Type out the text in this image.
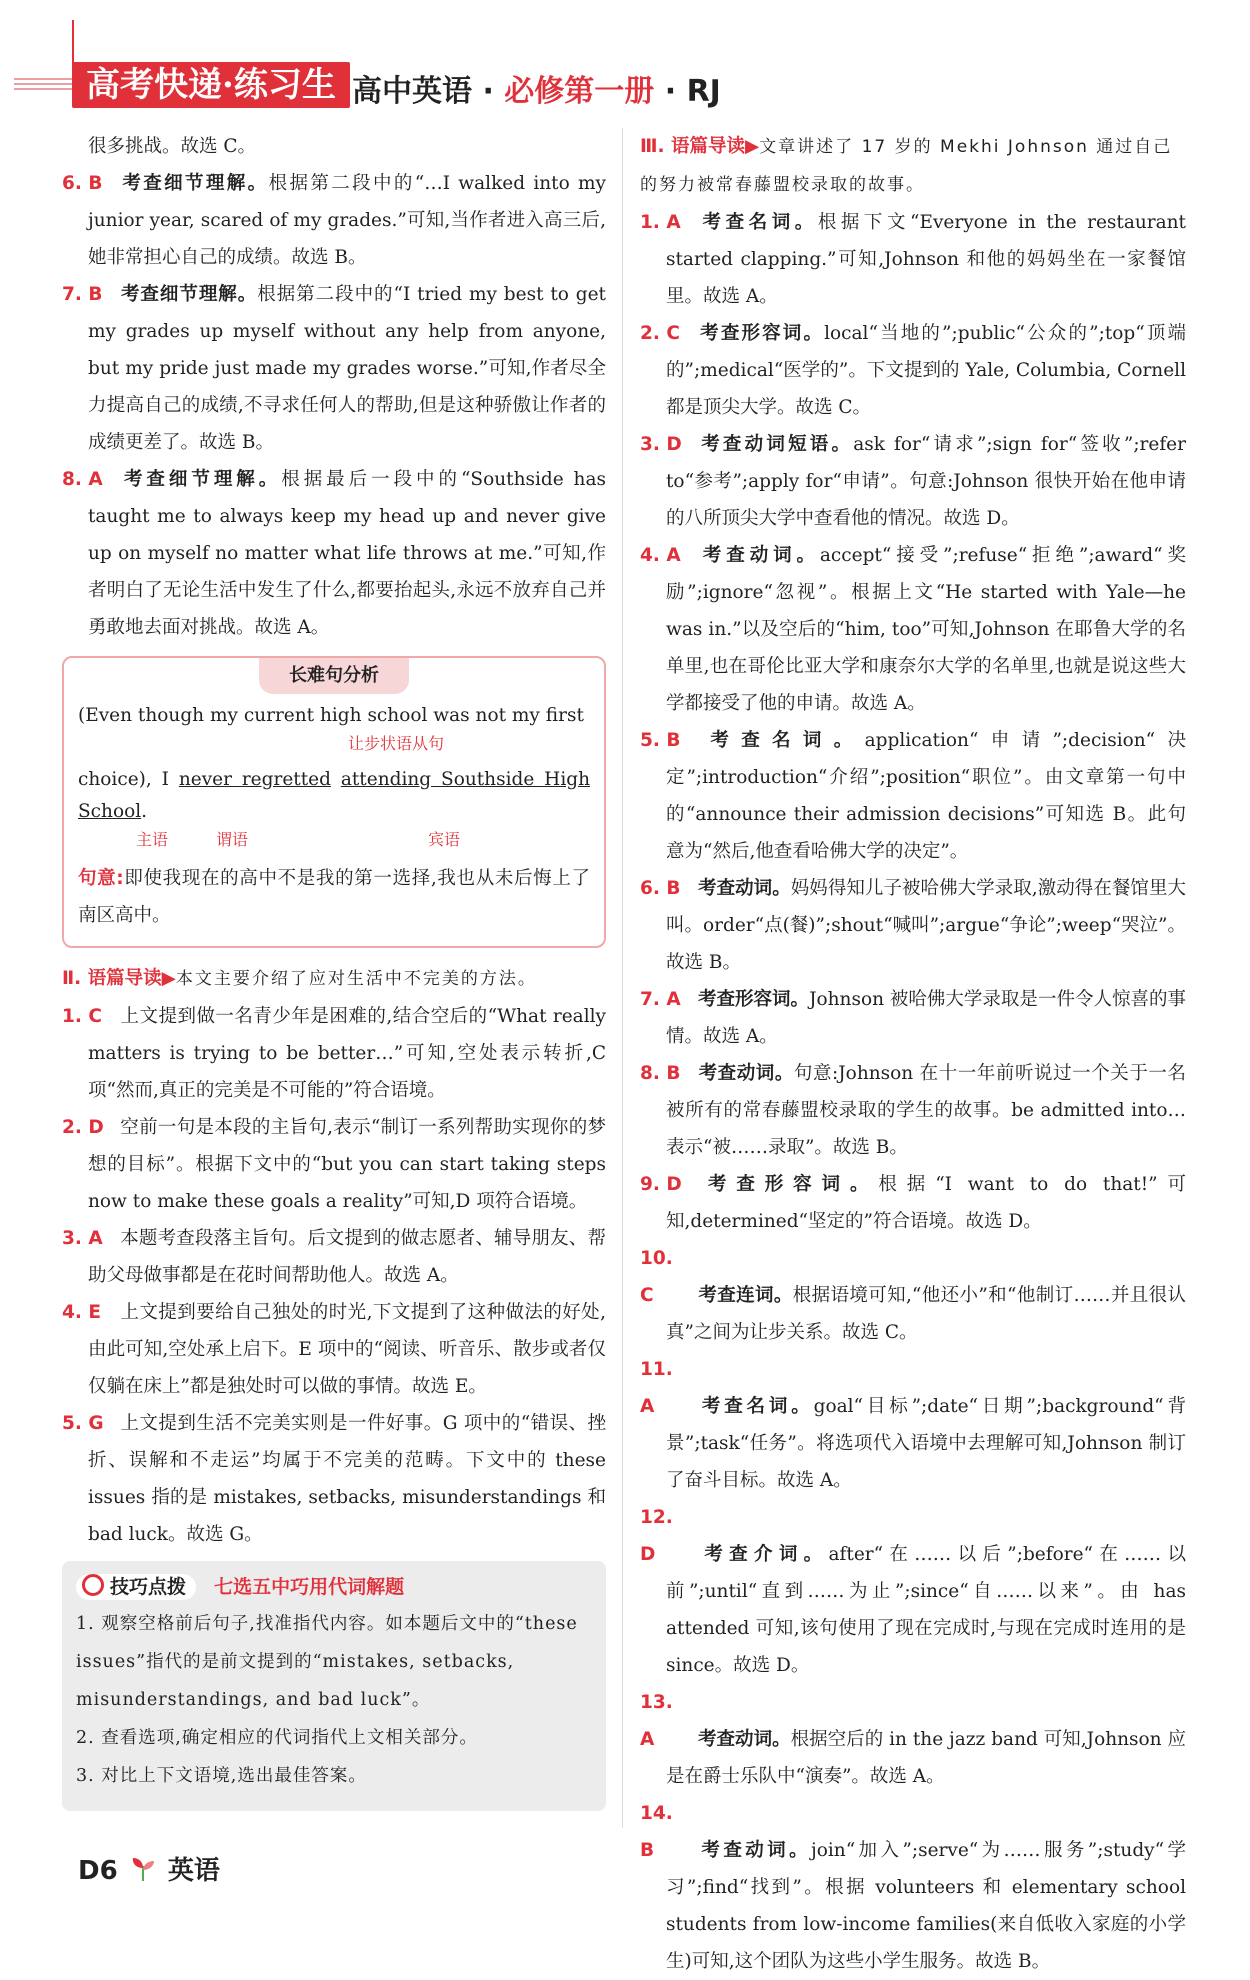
高考快递·练习生 高中英语 · 必修第一册 · RJ

很多挑战。故选 C。

6. B 考查细节理解。根据第二段中的“…I walked into my junior year, scared of my grades.”可知,当作者进入高三后,她非常担心自己的成绩。故选 B。

7. B 考查细节理解。根据第二段中的“I tried my best to get my grades up myself without any help from anyone, but my pride just made my grades worse.”可知,作者尽全力提高自己的成绩,不寻求任何人的帮助,但是这种骄傲让作者的成绩更差了。故选 B。

8. A 考查细节理解。根据最后一段中的“Southside has taught me to always keep my head up and never give up on myself no matter what life throws at me.”可知,作者明白了无论生活中发生了什么,都要抬起头,永远不放弃自己并勇敢地去面对挑战。故选 A。

长难句分析

(Even though my current high school was not my first

让步状语从句

choice), I never regretted attending Southside High School.

主语	谓语	宾语

句意:即使我现在的高中不是我的第一选择,我也从未后悔上了南区高中。

Ⅱ. 语篇导读▶本文主要介绍了应对生活中不完美的方法。

1. C 上文提到做一名青少年是困难的,结合空后的“What really matters is trying to be better…”可知,空处表示转折,C 项“然而,真正的完美是不可能的”符合语境。

2. D 空前一句是本段的主旨句,表示“制订一系列帮助实现你的梦想的目标”。根据下文中的“but you can start taking steps now to make these goals a reality”可知,D 项符合语境。

3. A 本题考查段落主旨句。后文提到的做志愿者、辅导朋友、帮助父母做事都是在花时间帮助他人。故选 A。

4. E 上文提到要给自己独处的时光,下文提到了这种做法的好处,由此可知,空处承上启下。E 项中的“阅读、听音乐、散步或者仅仅躺在床上”都是独处时可以做的事情。故选 E。

5. G 上文提到生活不完美实则是一件好事。G 项中的“错误、挫折、误解和不走运”均属于不完美的范畴。下文中的 these issues 指的是 mistakes, setbacks, misunderstandings 和 bad luck。故选 G。

技巧点拨 七选五中巧用代词解题

1. 观察空格前后句子,找准指代内容。如本题后文中的“these issues”指代的是前文提到的“mistakes, setbacks, misunderstandings, and bad luck”。

2. 查看选项,确定相应的代词指代上文相关部分。

3. 对比上下文语境,选出最佳答案。

Ⅲ. 语篇导读▶文章讲述了 17 岁的 Mekhi Johnson 通过自己的努力被常春藤盟校录取的故事。

1. A 考查名词。根据下文“Everyone in the restaurant started clapping.”可知,Johnson 和他的妈妈坐在一家餐馆里。故选 A。

2. C 考查形容词。local“当地的”;public“公众的”;top“顶端的”;medical“医学的”。下文提到的 Yale, Columbia, Cornell 都是顶尖大学。故选 C。

3. D 考查动词短语。ask for“请求”;sign for“签收”;refer to“参考”;apply for“申请”。句意:Johnson 很快开始在他申请的八所顶尖大学中查看他的情况。故选 D。

4. A 考查动词。accept“接受”;refuse“拒绝”;award“奖励”;ignore“忽视”。根据上文“He started with Yale—he was in.”以及空后的“him, too”可知,Johnson 在耶鲁大学的名单里,也在哥伦比亚大学和康奈尔大学的名单里,也就是说这些大学都接受了他的申请。故选 A。

5. B 考查名词。application“申请”;decision“决定”;introduction“介绍”;position“职位”。由文章第一句中的“announce their admission decisions”可知选 B。此句意为“然后,他查看哈佛大学的决定”。

6. B 考查动词。妈妈得知儿子被哈佛大学录取,激动得在餐馆里大叫。order“点(餐)”;shout“喊叫”;argue“争论”;weep“哭泣”。故选 B。

7. A 考查形容词。Johnson 被哈佛大学录取是一件令人惊喜的事情。故选 A。

8. B 考查动词。句意:Johnson 在十一年前听说过一个关于一名被所有的常春藤盟校录取的学生的故事。be admitted into…表示“被……录取”。故选 B。

9. D 考查形容词。根据“I want to do that!”可知,determined“坚定的”符合语境。故选 D。

10. C 考查连词。根据语境可知,“他还小”和“他制订……并且很认真”之间为让步关系。故选 C。

11. A 考查名词。goal“目标”;date“日期”;background“背景”;task“任务”。将选项代入语境中去理解可知,Johnson 制订了奋斗目标。故选 A。

12. D 考查介词。after“在……以后”;before“在……以前”;until“直到……为止”;since“自……以来”。由 has attended 可知,该句使用了现在完成时,与现在完成时连用的是 since。故选 D。

13. A 考查动词。根据空后的 in the jazz band 可知,Johnson 应是在爵士乐队中“演奏”。故选 A。

14. B 考查动词。join“加入”;serve“为……服务”;study“学习”;find“找到”。根据 volunteers 和 elementary school students from low-income families(来自低收入家庭的小学生)可知,这个团队为这些小学生服务。故选 B。

D6 英语
